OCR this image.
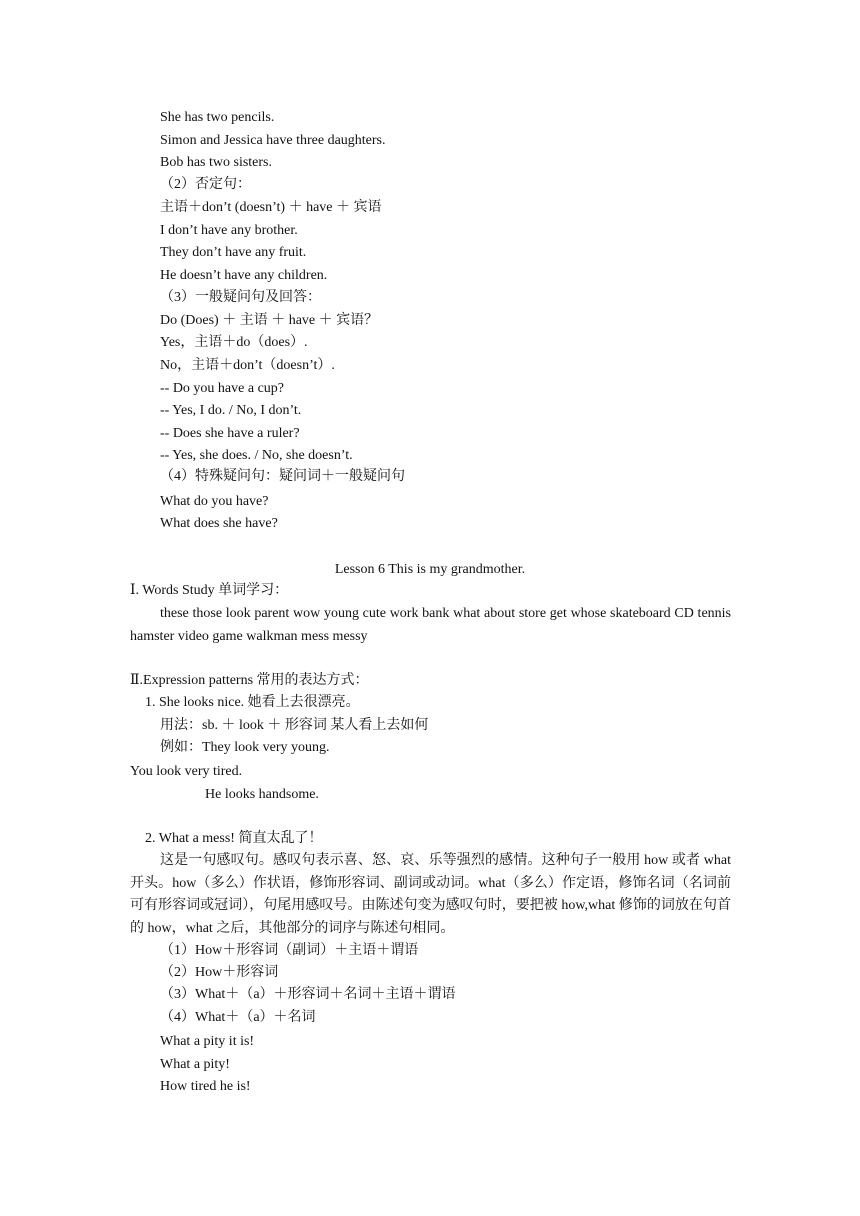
She has two pencils.
Simon and Jessica have three daughters.
Bob has two sisters.
（2）否定句：
主语＋don’t (doesn’t) ＋ have ＋ 宾语
I don’t have any brother.
They don’t have any fruit.
He doesn’t have any children.
（3）一般疑问句及回答：
Do (Does) ＋ 主语 ＋ have ＋ 宾语？
Yes，主语＋do（does）.
No，主语＋don’t（doesn’t）.
-- Do you have a cup?
-- Yes, I do. / No, I don’t.
-- Does she have a ruler?
-- Yes, she does. / No, she doesn’t.
（4）特殊疑问句：疑问词＋一般疑问句
What do you have?
What does she have?
Lesson 6 This is my grandmother.
Ⅰ. Words Study 单词学习：
these those look parent wow young cute work bank what about store get whose skateboard CD tennis hamster video game walkman mess messy
Ⅱ.Expression patterns 常用的表达方式：
1. She looks nice. 她看上去很漂亮。
用法：sb. ＋ look ＋ 形容词 某人看上去如何
例如：They look very young.
You look very tired.
He looks handsome.
2. What a mess! 简直太乱了！
这是一句感叹句。感叹句表示喜、怒、哀、乐等强烈的感情。这种句子一般用 how 或者 what 开头。how（多么）作状语，修饰形容词、副词或动词。what（多么）作定语，修饰名词（名词前可有形容词或冠词），句尾用感叹号。由陈述句变为感叹句时，要把被 how,what 修饰的词放在句首的 how，what 之后，其他部分的词序与陈述句相同。
（1）How＋形容词（副词）＋主语＋谓语
（2）How＋形容词
（3）What＋（a）＋形容词＋名词＋主语＋谓语
（4）What＋（a）＋名词
What a pity it is!
What a pity!
How tired he is!
